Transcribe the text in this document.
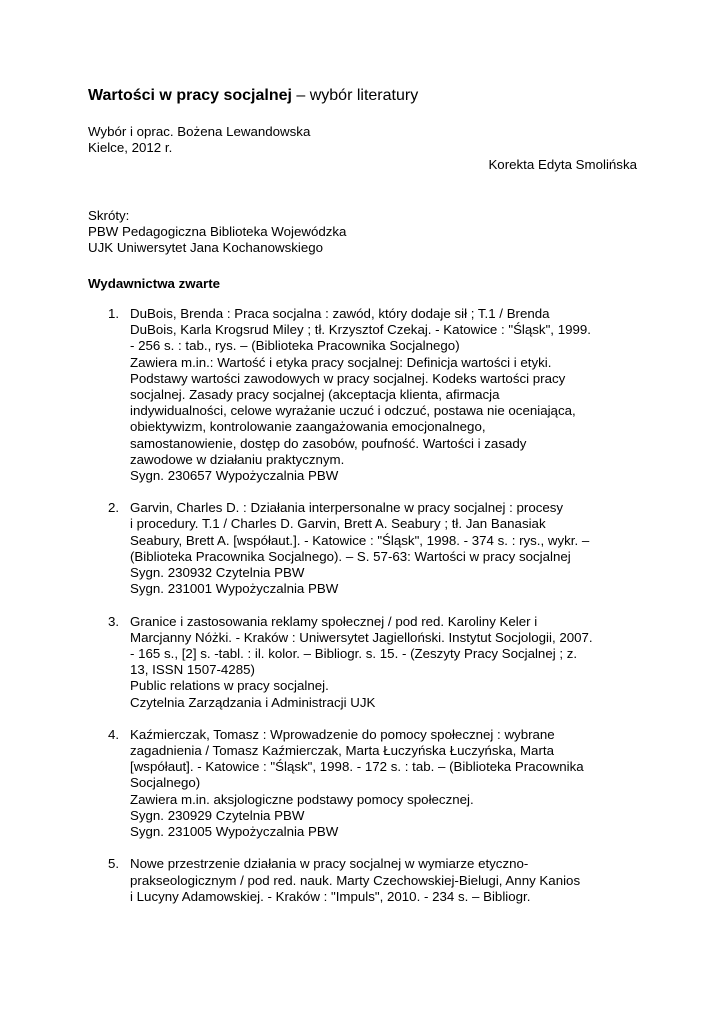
Wartości w pracy socjalnej – wybór literatury
Wybór i oprac. Bożena Lewandowska
Kielce, 2012 r.
Korekta Edyta Smolińska
Skróty:
PBW Pedagogiczna Biblioteka Wojewódzka
UJK Uniwersytet Jana Kochanowskiego
Wydawnictwa zwarte
1. DuBois, Brenda : Praca socjalna : zawód, który dodaje sił ; T.1 / Brenda
DuBois, Karla Krogsrud Miley ; tł. Krzysztof Czekaj. - Katowice : "Śląsk", 1999.
- 256 s. : tab., rys. – (Biblioteka Pracownika Socjalnego)
Zawiera m.in.: Wartość i etyka pracy socjalnej: Definicja wartości i etyki.
Podstawy wartości zawodowych w pracy socjalnej. Kodeks wartości pracy
socjalnej. Zasady pracy socjalnej (akceptacja klienta, afirmacja
indywidualności, celowe wyrażanie uczuć i odczuć, postawa nie oceniająca,
obiektywizm, kontrolowanie zaangażowania emocjonalnego,
samostanowienie, dostęp do zasobów, poufność. Wartości i zasady
zawodowe w działaniu praktycznym.
Sygn. 230657 Wypożyczalnia PBW
2. Garvin, Charles D. : Działania interpersonalne w pracy socjalnej : procesy
i procedury. T.1 / Charles D. Garvin, Brett A. Seabury ; tł. Jan Banasiak
Seabury, Brett A. [współaut.]. - Katowice : "Śląsk", 1998. - 374 s. : rys., wykr. –
(Biblioteka Pracownika Socjalnego). – S. 57-63: Wartości w pracy socjalnej
Sygn. 230932 Czytelnia PBW
Sygn. 231001 Wypożyczalnia PBW
3. Granice i zastosowania reklamy społecznej / pod red. Karoliny Keler i
Marcjanny Nóżki. - Kraków : Uniwersytet Jagielloński. Instytut Socjologii, 2007.
- 165 s., [2] s. -tabl. : il. kolor. – Bibliogr. s. 15. - (Zeszyty Pracy Socjalnej ; z.
13, ISSN 1507-4285)
Public relations w pracy socjalnej.
Czytelnia Zarządzania i Administracji UJK
4. Kaźmierczak, Tomasz : Wprowadzenie do pomocy społecznej : wybrane
zagadnienia / Tomasz Kaźmierczak, Marta Łuczyńska Łuczyńska, Marta
[współaut]. - Katowice : "Śląsk", 1998. - 172 s. : tab. – (Biblioteka Pracownika
Socjalnego)
Zawiera m.in. aksjologiczne podstawy pomocy społecznej.
Sygn. 230929 Czytelnia PBW
Sygn. 231005 Wypożyczalnia PBW
5. Nowe przestrzenie działania w pracy socjalnej w wymiarze etyczno-
prakseologicznym / pod red. nauk. Marty Czechowskiej-Bielugi, Anny Kanios
i Lucyny Adamowskiej. - Kraków : "Impuls", 2010. - 234 s. – Bibliogr.
